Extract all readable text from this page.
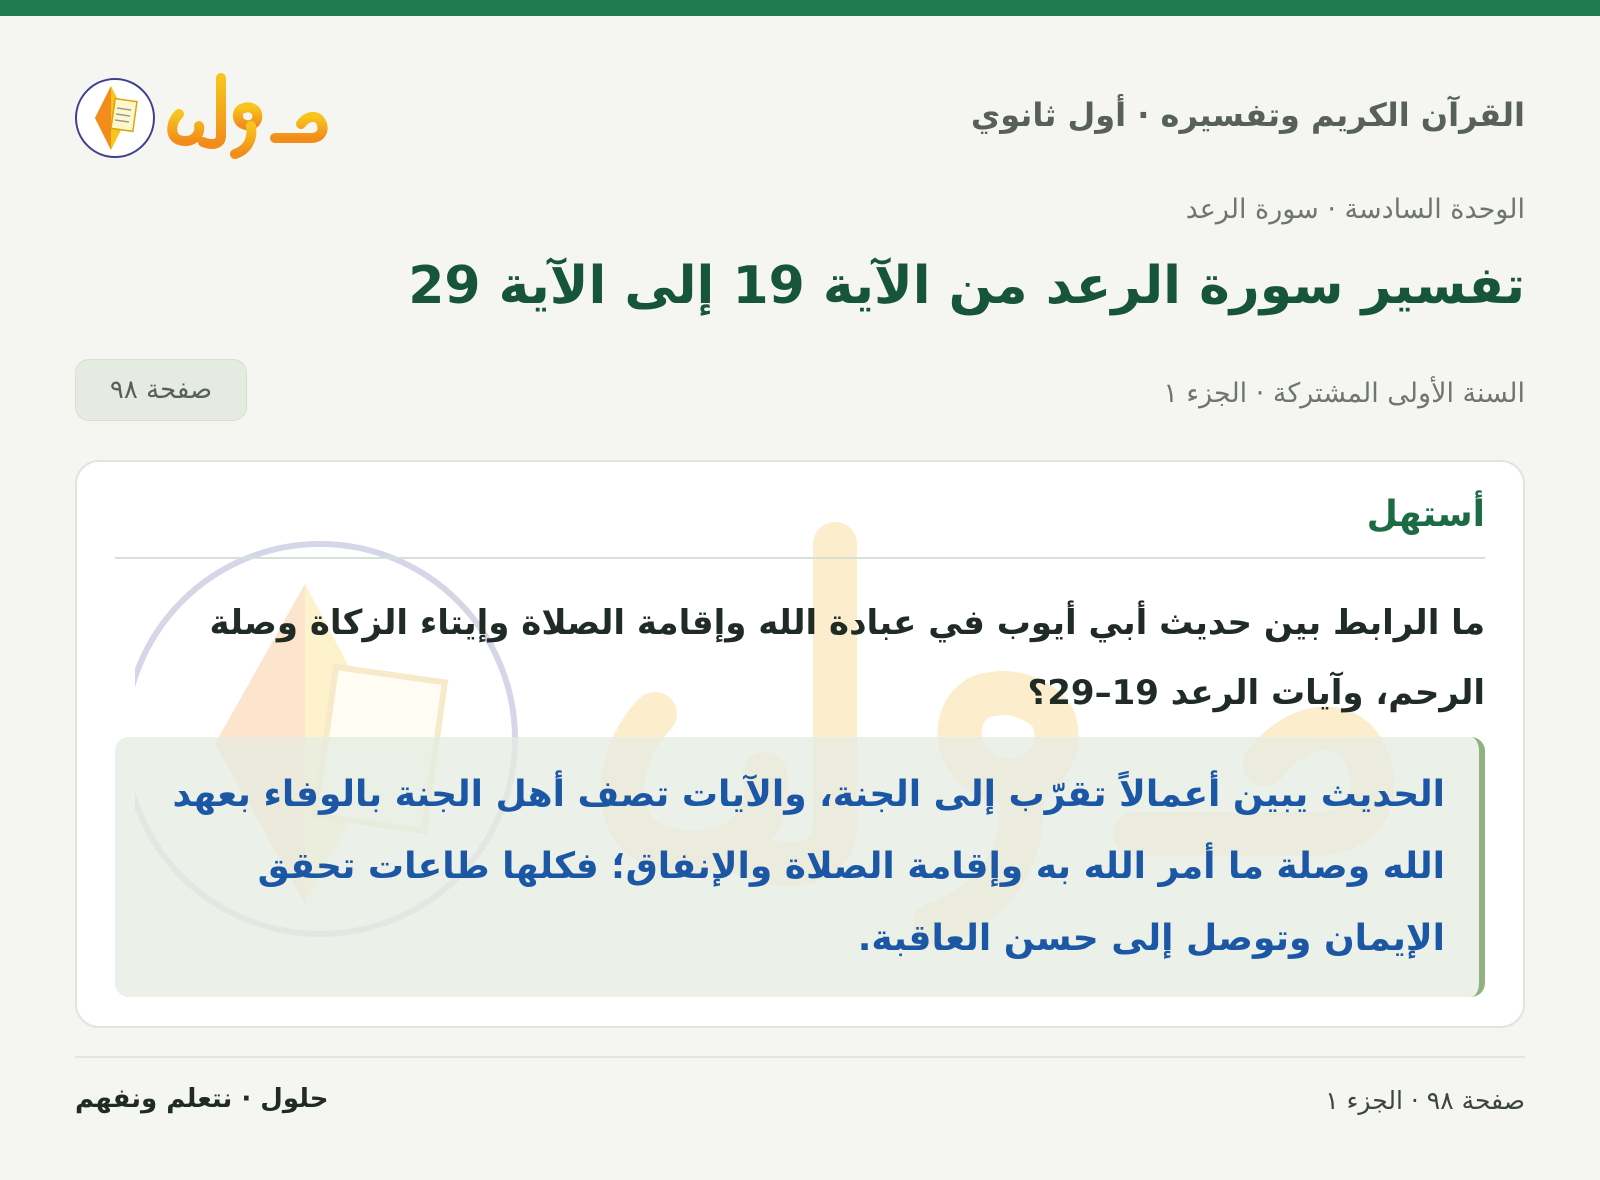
القرآن الكريم وتفسيره · أول ثانوي
الوحدة السادسة · سورة الرعد
تفسير سورة الرعد من الآية 19 إلى الآية 29
السنة الأولى المشتركة · الجزء ١
صفحة ٩٨
أستهل

ما الرابط بين حديث أبي أيوب في عبادة الله وإقامة الصلاة وإيتاء الزكاة وصلة الرحم، وآيات الرعد 19–29؟

الحديث يبين أعمالاً تقرّب إلى الجنة، والآيات تصف أهل الجنة بالوفاء بعهد الله وصلة ما أمر الله به وإقامة الصلاة والإنفاق؛ فكلها طاعات تحقق الإيمان وتوصل إلى حسن العاقبة.

صفحة ٩٨ · الجزء ١
حلول · نتعلم ونفهم
